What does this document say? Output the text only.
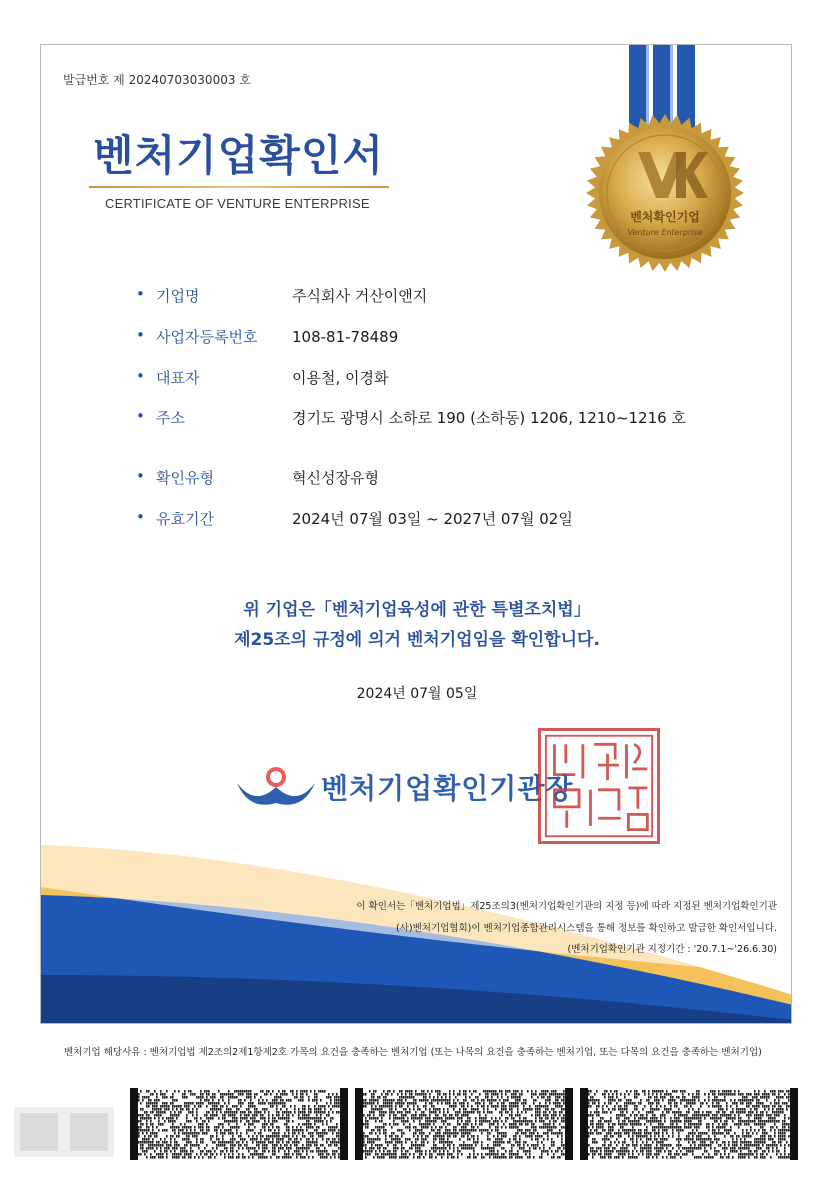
발급번호 제 20240703030003 호
벤처기업확인서
CERTIFICATE OF VENTURE ENTERPRISE
벤처확인기업
Venture Enterprise
• 기업명	주식회사 거산이앤지
• 사업자등록번호 108-81-78489
• 대표자	이용철, 이경화
• 주소	경기도 광명시 소하로 190 (소하동) 1206, 1210~1216 호
• 확인유형	혁신성장유형
• 유효기간	2024년 07월 03일 ~ 2027년 07월 02일
위 기업은「벤처기업육성에 관한 특별조치법」
제25조의 규정에 의거 벤처기업임을 확인합니다.
2024년 07월 05일
벤처기업확인기관장
이 확인서는「벤처기업법」제25조의3(벤처기업확인기관의 지정 등)에 따라 지정된 벤처기업확인기관
(사)벤처기업협회)이 벤처기업종합관리시스템을 통해 정보를 확인하고 발급한 확인서입니다.
(벤처기업확인기관 지정기간 : '20.7.1~'26.6.30)
벤처기업 해당사유 : 벤처기업법 제2조의2제1항제2호 가목의 요건을 충족하는 벤처기업 (또는 나목의 요건을 충족하는 벤처기업, 또는 다목의 요건을 충족하는 벤처기업)
